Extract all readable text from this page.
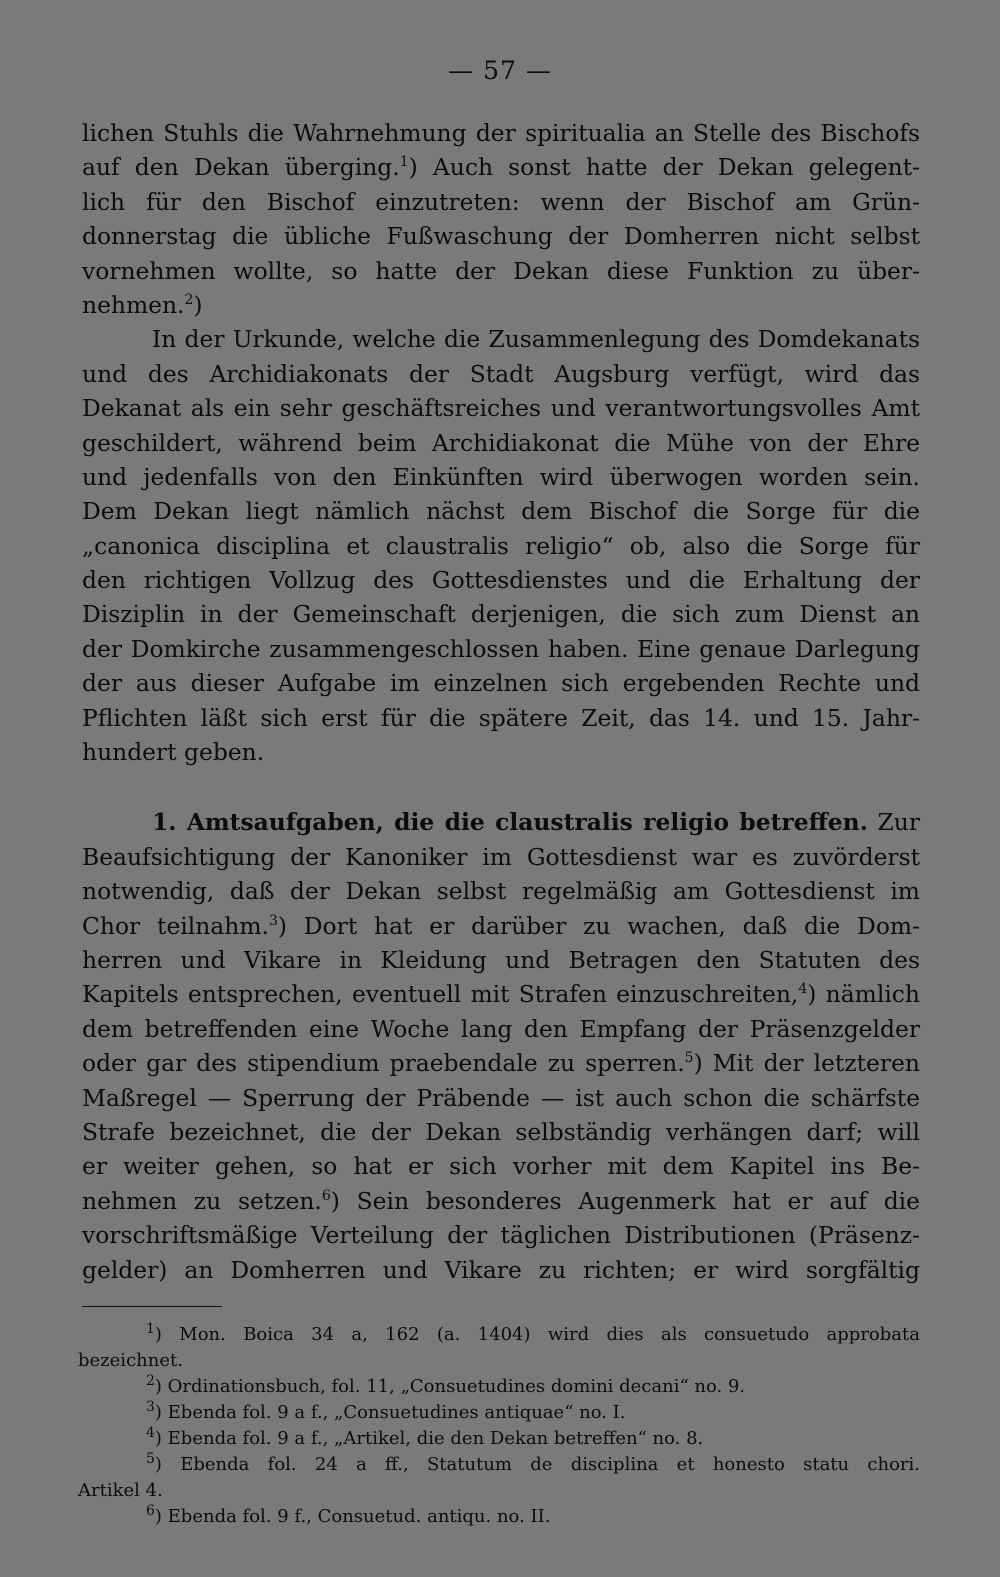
— 57 —
lichen Stuhls die Wahrnehmung der spiritualia an Stelle des Bischofs
auf den Dekan überging.$^1$) Auch sonst hatte der Dekan gelegent-
lich für den Bischof einzutreten: wenn der Bischof am Grün-
donnerstag die übliche Fußwaschung der Domherren nicht selbst
vornehmen wollte, so hatte der Dekan diese Funktion zu über-
nehmen.$^2$)
In der Urkunde, welche die Zusammenlegung des Domdekanats
und des Archidiakonats der Stadt Augsburg verfügt, wird das
Dekanat als ein sehr geschäftsreiches und verantwortungsvolles Amt
geschildert, während beim Archidiakonat die Mühe von der Ehre
und jedenfalls von den Einkünften wird überwogen worden sein.
Dem Dekan liegt nämlich nächst dem Bischof die Sorge für die
„canonica disciplina et claustralis religio“ ob, also die Sorge für
den richtigen Vollzug des Gottesdienstes und die Erhaltung der
Disziplin in der Gemeinschaft derjenigen, die sich zum Dienst an
der Domkirche zusammengeschlossen haben. Eine genaue Darlegung
der aus dieser Aufgabe im einzelnen sich ergebenden Rechte und
Pflichten läßt sich erst für die spätere Zeit, das 14. und 15. Jahr-
hundert geben.
1. Amtsaufgaben, die die claustralis religio betreffen. Zur
Beaufsichtigung der Kanoniker im Gottesdienst war es zuvörderst
notwendig, daß der Dekan selbst regelmäßig am Gottesdienst im
Chor teilnahm.$^3$) Dort hat er darüber zu wachen, daß die Dom-
herren und Vikare in Kleidung und Betragen den Statuten des
Kapitels entsprechen, eventuell mit Strafen einzuschreiten,$^4$) nämlich
dem betreffenden eine Woche lang den Empfang der Präsenzgelder
oder gar des stipendium praebendale zu sperren.$^5$) Mit der letzteren
Maßregel — Sperrung der Präbende — ist auch schon die schärfste
Strafe bezeichnet, die der Dekan selbständig verhängen darf; will
er weiter gehen, so hat er sich vorher mit dem Kapitel ins Be-
nehmen zu setzen.$^6$) Sein besonderes Augenmerk hat er auf die
vorschriftsmäßige Verteilung der täglichen Distributionen (Präsenz-
gelder) an Domherren und Vikare zu richten; er wird sorgfältig
$^1$) Mon. Boica 34 a, 162 (a. 1404) wird dies als consuetudo approbata
bezeichnet.
$^2$) Ordinationsbuch, fol. 11, „Consuetudines domini decani“ no. 9.
$^3$) Ebenda fol. 9 a f., „Consuetudines antiquae“ no. I.
$^4$) Ebenda fol. 9 a f., „Artikel, die den Dekan betreffen“ no. 8.
$^5$) Ebenda fol. 24 a ff., Statutum de disciplina et honesto statu chori.
Artikel 4.
$^6$) Ebenda fol. 9 f., Consuetud. antiqu. no. II.
